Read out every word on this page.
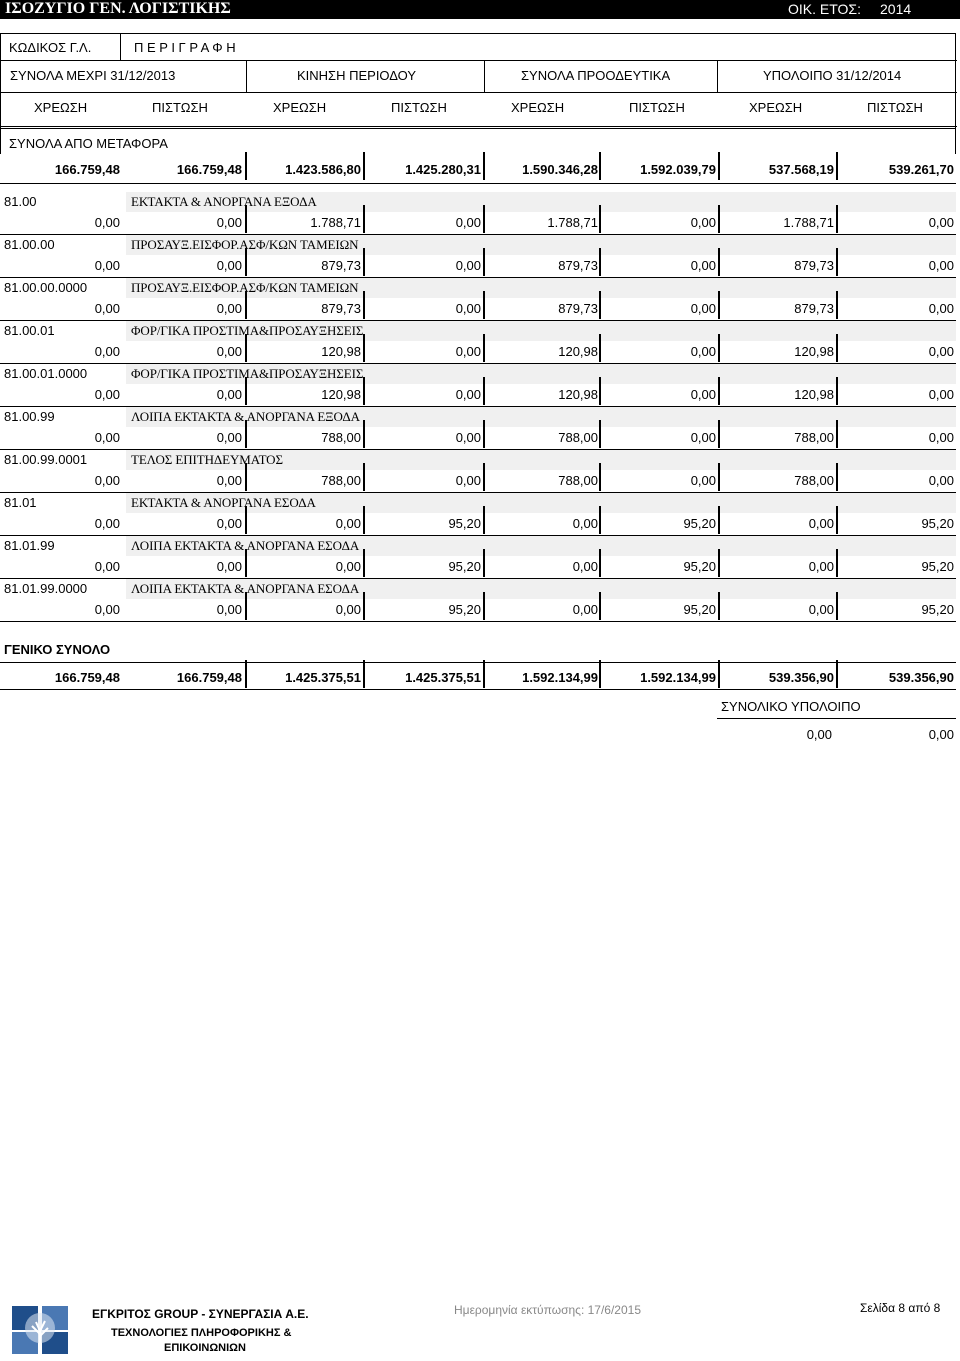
ΙΣΟΖΥΓΙΟ ΓΕΝ. ΛΟΓΙΣΤΙΚΗΣ	ΟΙΚ. ΕΤΟΣ: 2014
ΚΩΔΙΚΟΣ Γ.Λ.	Π Ε Ρ Ι Γ Ρ Α Φ Η
ΣΥΝΟΛΑ ΜΕΧΡΙ 31/12/2013	ΚΙΝΗΣΗ ΠΕΡΙΟΔΟΥ	ΣΥΝΟΛΑ ΠΡΟΟΔΕΥΤΙΚΑ	ΥΠΟΛΟΙΠΟ 31/12/2014
ΧΡΕΩΣΗ	ΠΙΣΤΩΣΗ	ΧΡΕΩΣΗ	ΠΙΣΤΩΣΗ	ΧΡΕΩΣΗ	ΠΙΣΤΩΣΗ	ΧΡΕΩΣΗ	ΠΙΣΤΩΣΗ
ΣΥΝΟΛΑ ΑΠΟ ΜΕΤΑΦΟΡΑ
166.759,48	166.759,48	1.423.586,80	1.425.280,31	1.590.346,28	1.592.039,79	537.568,19	539.261,70
81.00	ΕΚΤΑΚΤΑ & ΑΝΟΡΓΑΝΑ ΕΞΟΔΑ
0,00	0,00	1.788,71	0,00	1.788,71	0,00	1.788,71	0,00
81.00.00	ΠΡΟΣΑΥΞ.ΕΙΣΦΟΡ.ΑΣΦ/ΚΩΝ ΤΑΜΕΙΩΝ
0,00	0,00	879,73	0,00	879,73	0,00	879,73	0,00
81.00.00.0000	ΠΡΟΣΑΥΞ.ΕΙΣΦΟΡ.ΑΣΦ/ΚΩΝ ΤΑΜΕΙΩΝ
0,00	0,00	879,73	0,00	879,73	0,00	879,73	0,00
81.00.01	ΦΟΡ/ΓΙΚΑ ΠΡΟΣΤΙΜΑ&ΠΡΟΣΑΥΞΗΣΕΙΣ
0,00	0,00	120,98	0,00	120,98	0,00	120,98	0,00
81.00.01.0000	ΦΟΡ/ΓΙΚΑ ΠΡΟΣΤΙΜΑ&ΠΡΟΣΑΥΞΗΣΕΙΣ
0,00	0,00	120,98	0,00	120,98	0,00	120,98	0,00
81.00.99	ΛΟΙΠΑ ΕΚΤΑΚΤΑ & ΑΝΟΡΓΑΝΑ ΕΞΟΔΑ
0,00	0,00	788,00	0,00	788,00	0,00	788,00	0,00
81.00.99.0001	ΤΕΛΟΣ ΕΠΙΤΗΔΕΥΜΑΤΟΣ
0,00	0,00	788,00	0,00	788,00	0,00	788,00	0,00
81.01	ΕΚΤΑΚΤΑ & ΑΝΟΡΓΑΝΑ ΕΣΟΔΑ
0,00	0,00	0,00	95,20	0,00	95,20	0,00	95,20
81.01.99	ΛΟΙΠΑ ΕΚΤΑΚΤΑ & ΑΝΟΡΓΑΝΑ ΕΣΟΔΑ
0,00	0,00	0,00	95,20	0,00	95,20	0,00	95,20
81.01.99.0000	ΛΟΙΠΑ ΕΚΤΑΚΤΑ & ΑΝΟΡΓΑΝΑ ΕΣΟΔΑ
0,00	0,00	0,00	95,20	0,00	95,20	0,00	95,20
ΓΕΝΙΚΟ ΣΥΝΟΛΟ
166.759,48	166.759,48	1.425.375,51	1.425.375,51	1.592.134,99	1.592.134,99	539.356,90	539.356,90
ΣΥΝΟΛΙΚΟ ΥΠΟΛΟΙΠΟ
0,00	0,00
ΕΓΚΡΙΤΟΣ GROUP - ΣΥΝΕΡΓΑΣΙΑ Α.Ε.
ΤΕΧΝΟΛΟΓΙΕΣ ΠΛΗΡΟΦΟΡΙΚΗΣ &
ΕΠΙΚΟΙΝΩΝΙΩΝ
Ημερομηνία εκτύπωσης: 17/6/2015	Σελίδα 8 από 8
